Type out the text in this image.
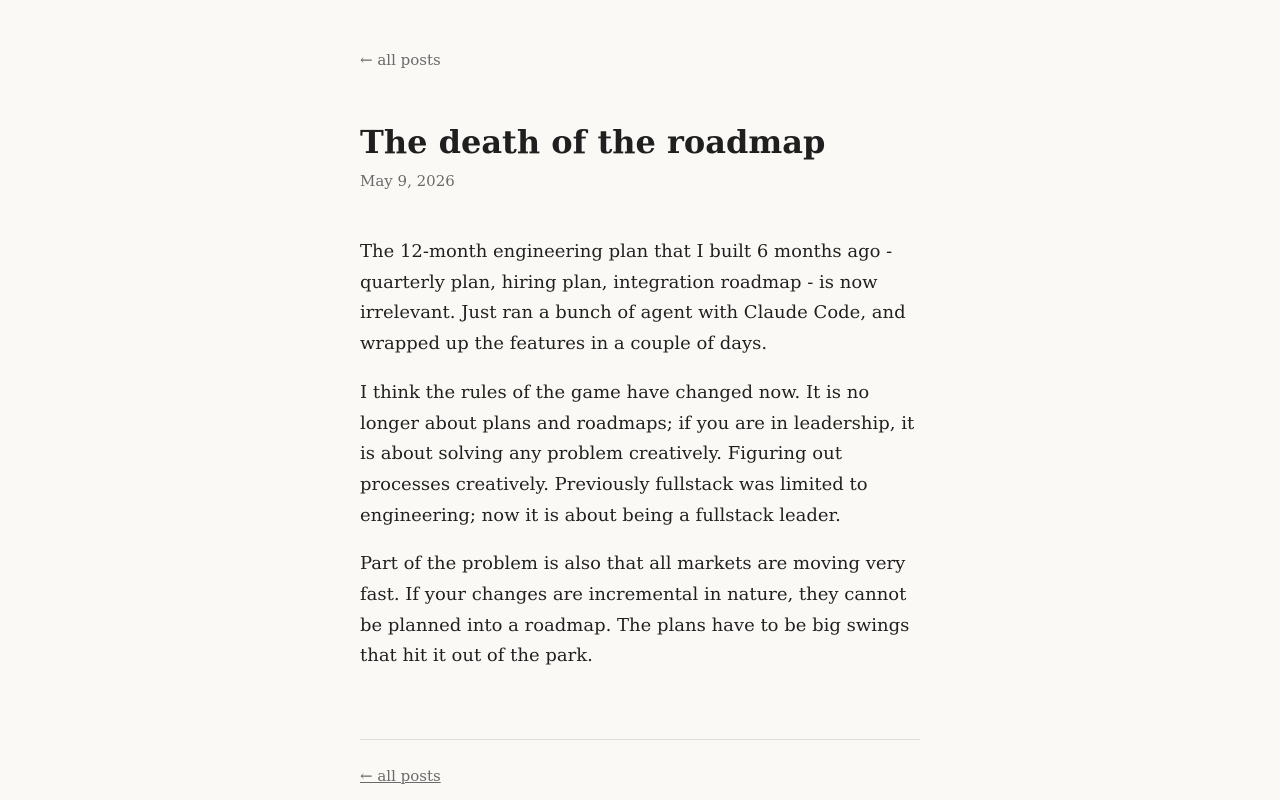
← all posts
The death of the roadmap
May 9, 2026

The 12-month engineering plan that I built 6 months ago - quarterly plan, hiring plan, integration roadmap - is now irrelevant. Just ran a bunch of agent with Claude Code, and wrapped up the features in a couple of days.

I think the rules of the game have changed now. It is no longer about plans and roadmaps; if you are in leadership, it is about solving any problem creatively. Figuring out processes creatively. Previously fullstack was limited to engineering; now it is about being a fullstack leader.

Part of the problem is also that all markets are moving very fast. If your changes are incremental in nature, they cannot be planned into a roadmap. The plans have to be big swings that hit it out of the park.

← all posts
